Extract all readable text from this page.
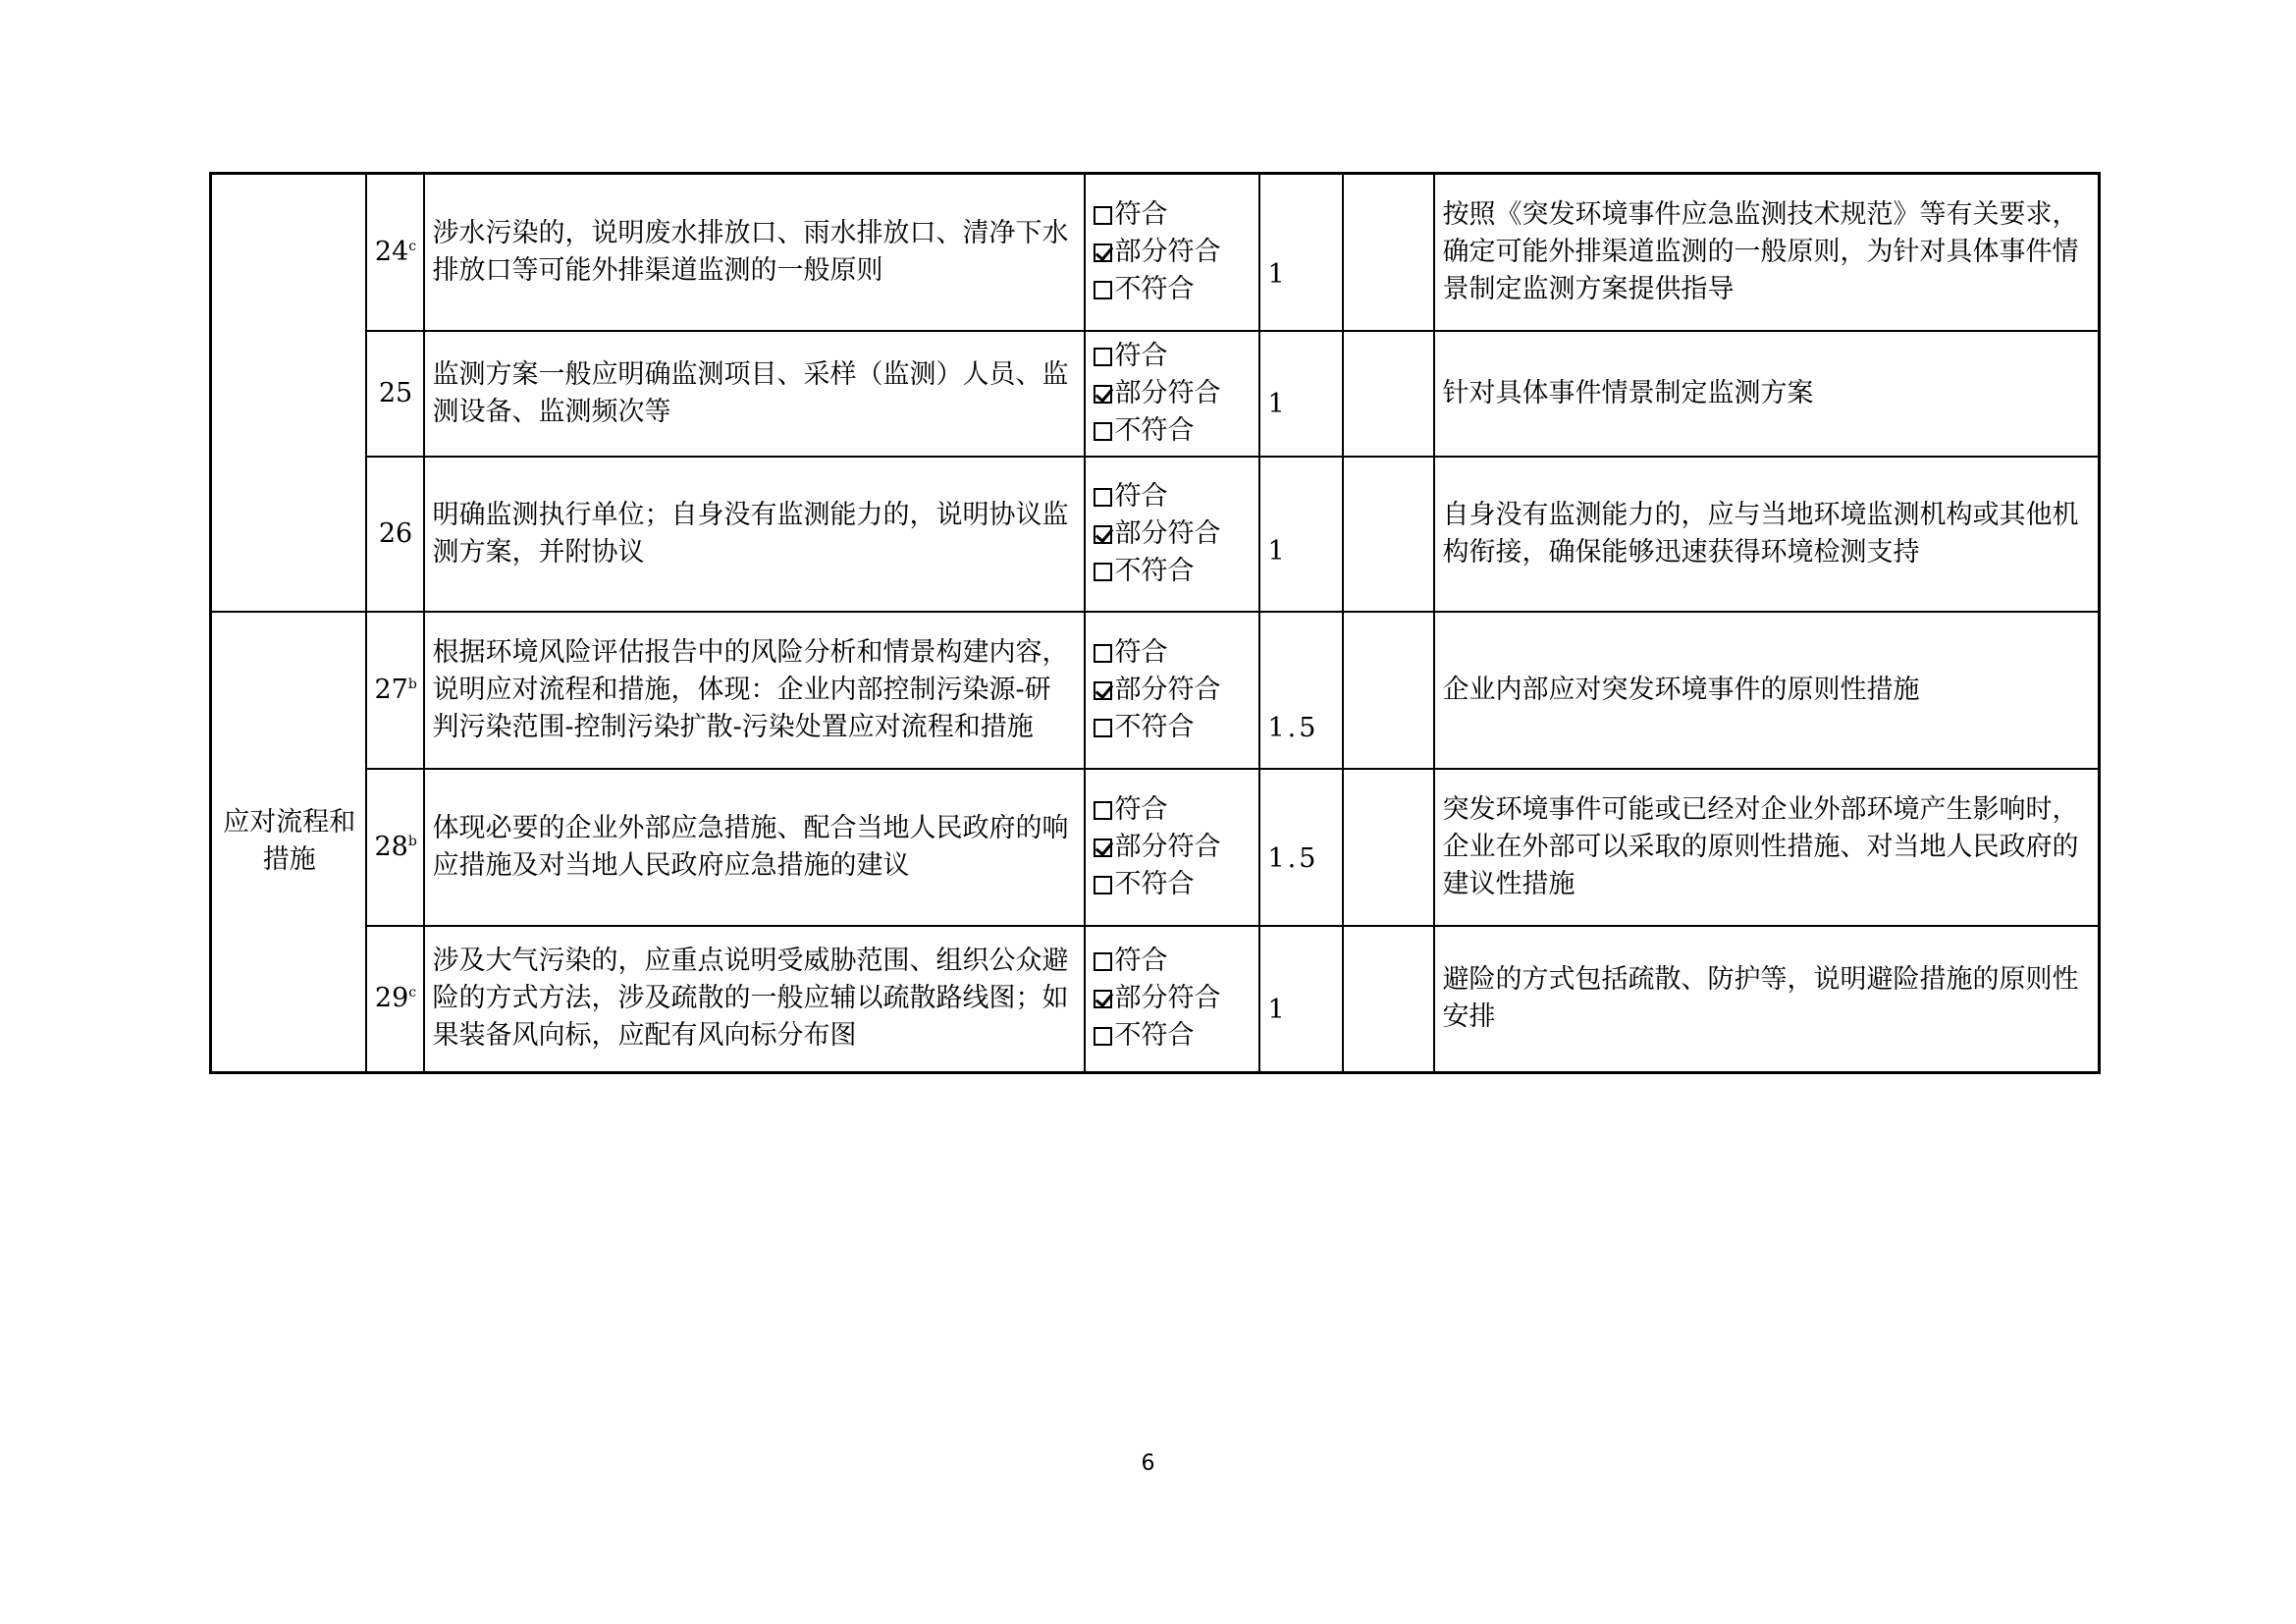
	24$^c$	涉水污染的，说明废水排放口、雨水排放口、清净下水排放口等可能外排渠道监测的一般原则	符合
部分符合
不符合	1		按照《突发环境事件应急监测技术规范》等有关要求，确定可能外排渠道监测的一般原则，为针对具体事件情景制定监测方案提供指导
	25	监测方案一般应明确监测项目、采样（监测）人员、监测设备、监测频次等	符合
部分符合
不符合	1		针对具体事件情景制定监测方案
	26	明确监测执行单位；自身没有监测能力的，说明协议监测方案，并附协议	符合
部分符合
不符合	1		自身没有监测能力的，应与当地环境监测机构或其他机构衔接，确保能够迅速获得环境检测支持
应对流程和措施	27$^b$	根据环境风险评估报告中的风险分析和情景构建内容，说明应对流程和措施，体现：企业内部控制污染源-研判污染范围-控制污染扩散-污染处置应对流程和措施	符合
部分符合
不符合	1.5		企业内部应对突发环境事件的原则性措施
	28$^b$	体现必要的企业外部应急措施、配合当地人民政府的响应措施及对当地人民政府应急措施的建议	符合
部分符合
不符合	1.5		突发环境事件可能或已经对企业外部环境产生影响时，企业在外部可以采取的原则性措施、对当地人民政府的建议性措施
	29$^c$	涉及大气污染的，应重点说明受威胁范围、组织公众避险的方式方法，涉及疏散的一般应辅以疏散路线图；如果装备风向标，应配有风向标分布图	符合
部分符合
不符合	1		避险的方式包括疏散、防护等，说明避险措施的原则性安排
6
